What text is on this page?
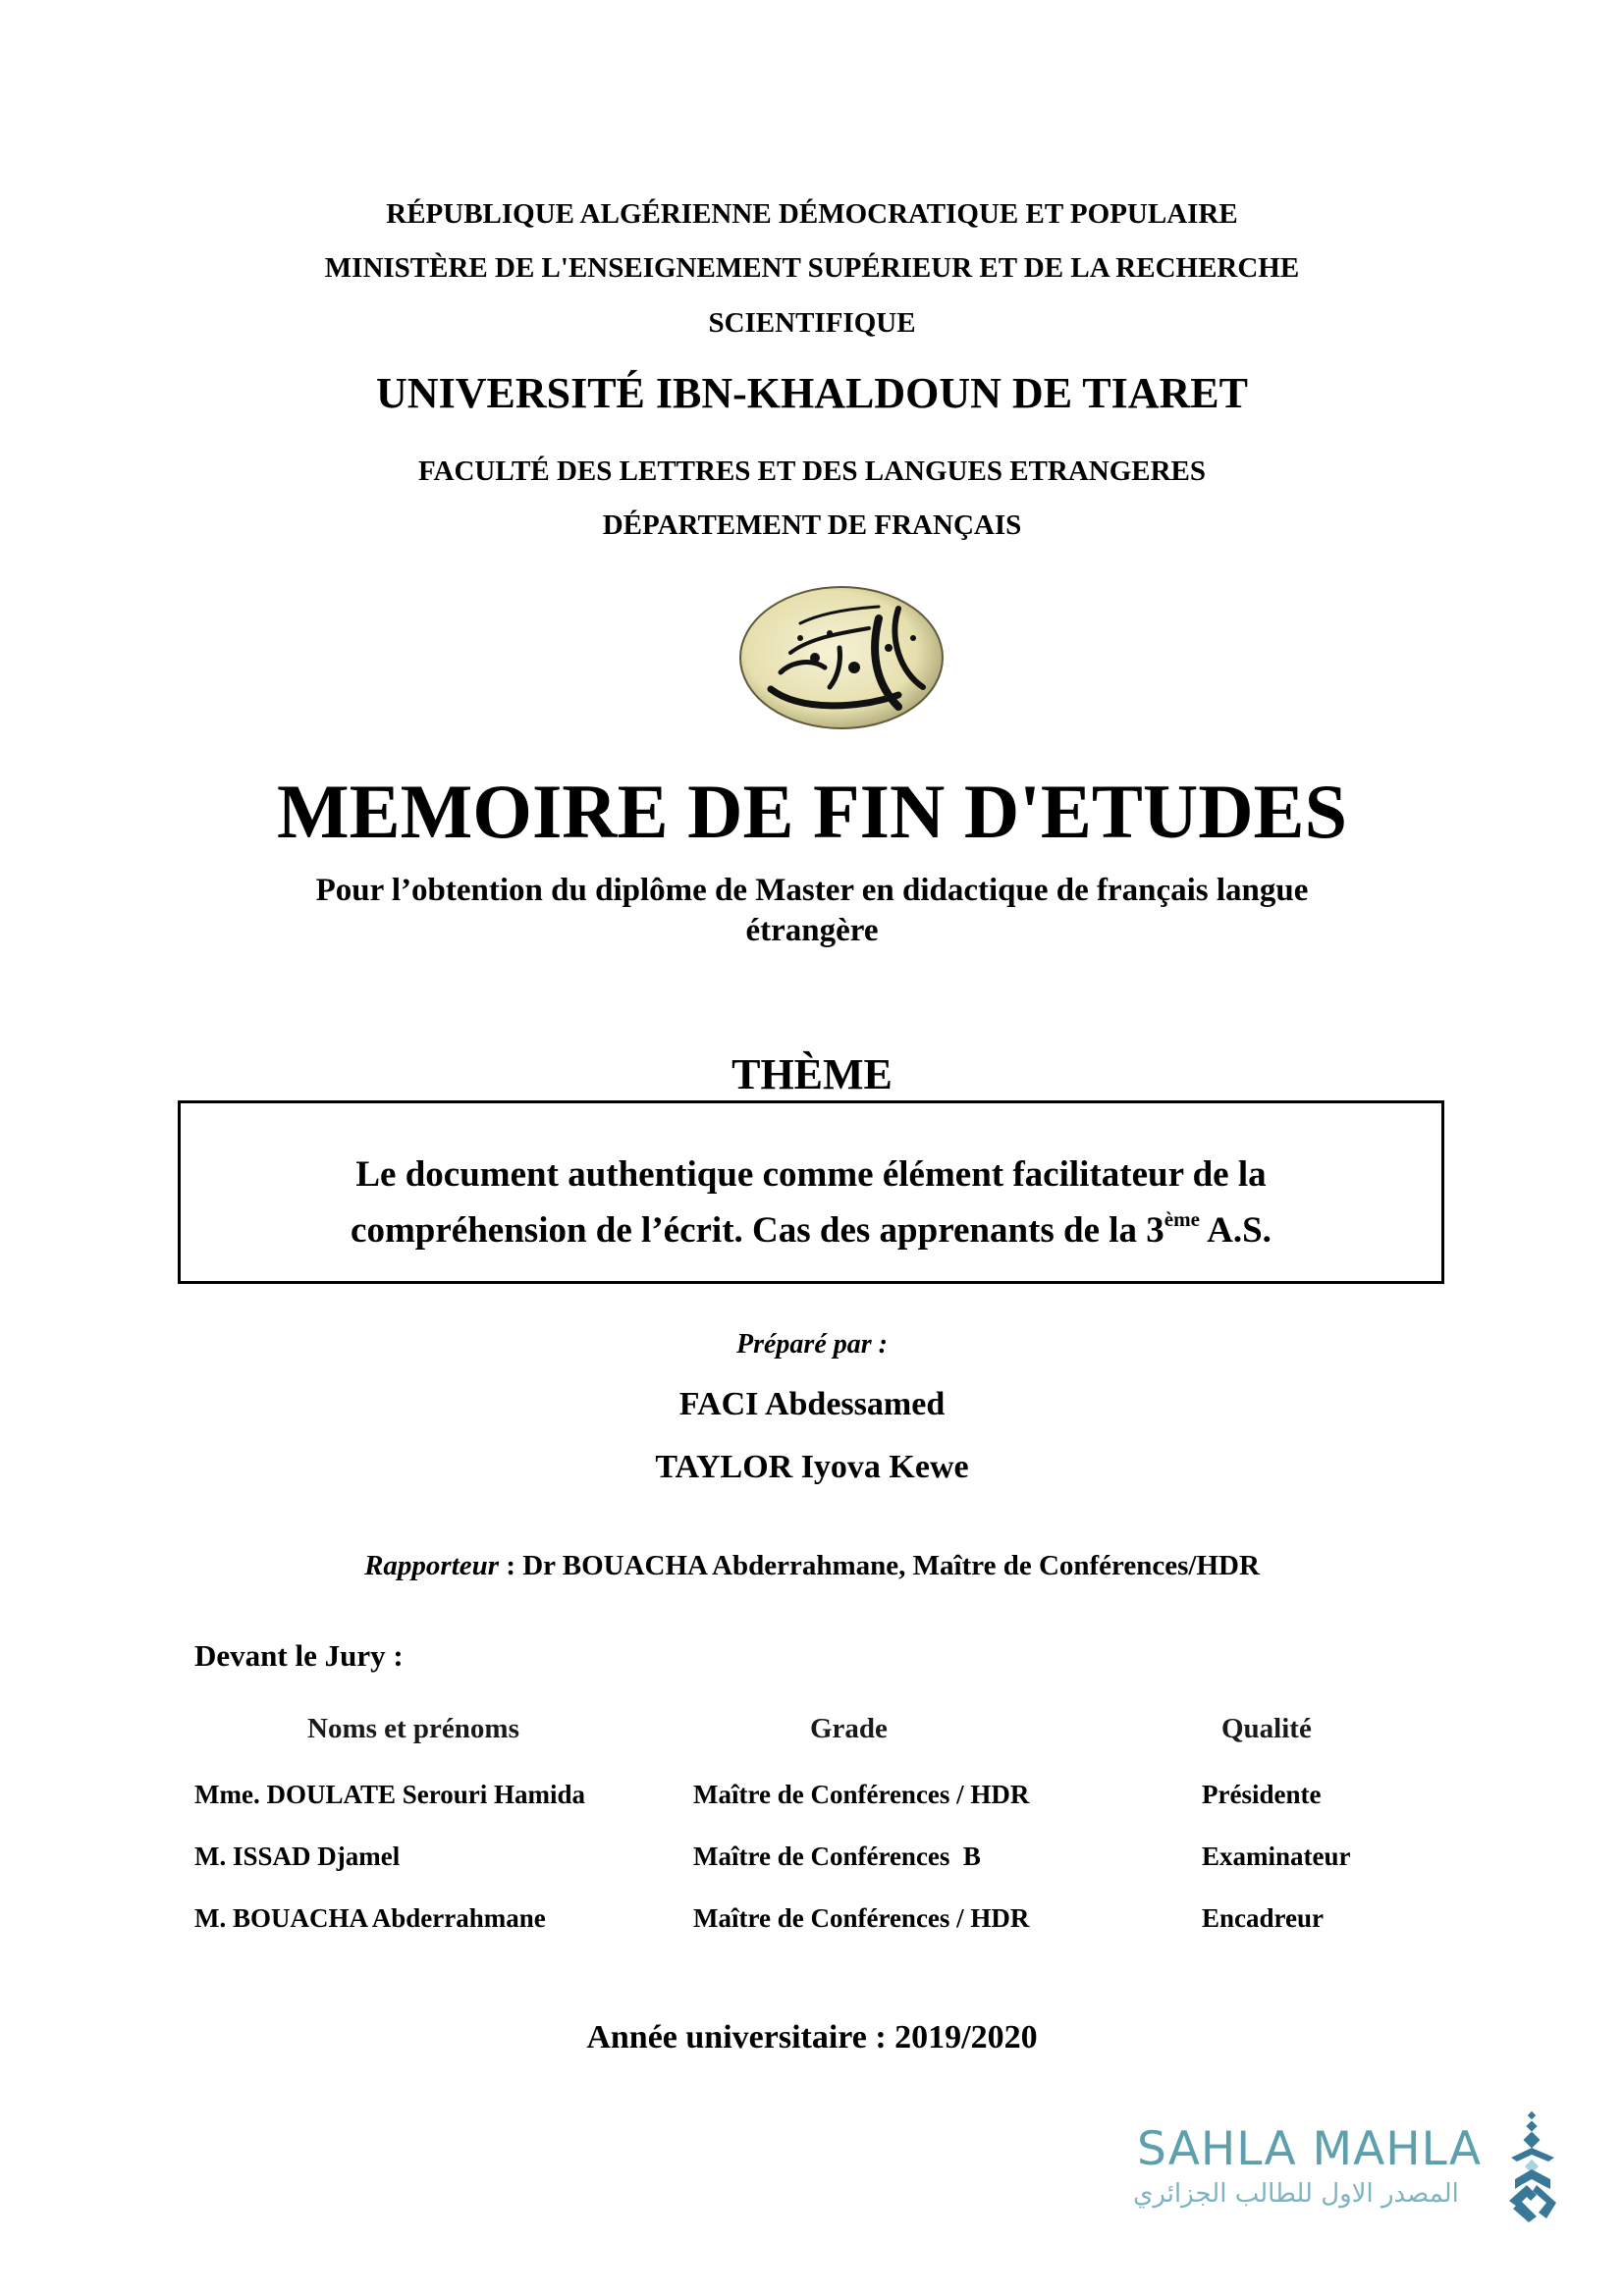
RÉPUBLIQUE ALGÉRIENNE DÉMOCRATIQUE ET POPULAIRE
MINISTÈRE DE L'ENSEIGNEMENT SUPÉRIEUR ET DE LA RECHERCHE
SCIENTIFIQUE
UNIVERSITÉ IBN-KHALDOUN DE TIARET
FACULTÉ DES LETTRES ET DES LANGUES ETRANGERES
DÉPARTEMENT DE FRANÇAIS
MEMOIRE DE FIN D'ETUDES
Pour l’obtention du diplôme de Master en didactique de français langue
étrangère
THÈME
Le document authentique comme élément facilitateur de la
compréhension de l’écrit. Cas des apprenants de la 3ème A.S.
Préparé par :
FACI Abdessamed
TAYLOR Iyova Kewe
Rapporteur : Dr BOUACHA Abderrahmane, Maître de Conférences/HDR
Devant le Jury :
Noms et prénoms	Grade	Qualité
Mme. DOULATE Serouri Hamida	Maître de Conférences / HDR	Présidente
M. ISSAD Djamel	Maître de Conférences  B	Examinateur
M. BOUACHA Abderrahmane	Maître de Conférences / HDR	Encadreur
Année universitaire : 2019/2020
SAHLA MAHLA
المصدر الاول للطالب الجزائري
